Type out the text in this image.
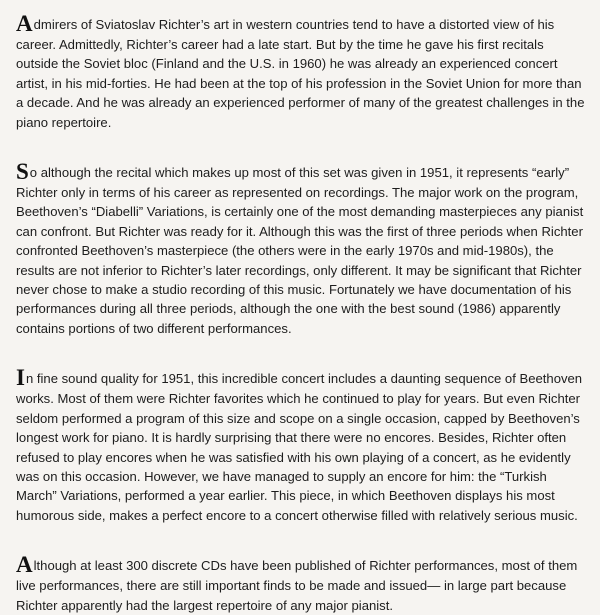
Admirers of Sviatoslav Richter’s art in western countries tend to have a distorted view of his career. Admittedly, Richter’s career had a late start. But by the time he gave his first recitals outside the Soviet bloc (Finland and the U.S. in 1960) he was already an experienced concert artist, in his mid-forties. He had been at the top of his profession in the Soviet Union for more than a decade. And he was already an experienced performer of many of the greatest challenges in the piano repertoire.

So although the recital which makes up most of this set was given in 1951, it represents “early” Richter only in terms of his career as represented on recordings. The major work on the program, Beethoven’s “Diabelli” Variations, is certainly one of the most demanding masterpieces any pianist can confront. But Richter was ready for it. Although this was the first of three periods when Richter confronted Beethoven’s masterpiece (the others were in the early 1970s and mid-1980s), the results are not inferior to Richter’s later recordings, only different. It may be significant that Richter never chose to make a studio recording of this music. Fortunately we have documentation of his performances during all three periods, although the one with the best sound (1986) apparently contains portions of two different performances.

In fine sound quality for 1951, this incredible concert includes a daunting sequence of Beethoven works. Most of them were Richter favorites which he continued to play for years. But even Richter seldom performed a program of this size and scope on a single occasion, capped by Beethoven’s longest work for piano. It is hardly surprising that there were no encores. Besides, Richter often refused to play encores when he was satisfied with his own playing of a concert, as he evidently was on this occasion. However, we have managed to supply an encore for him: the “Turkish March” Variations, performed a year earlier. This piece, in which Beethoven displays his most humorous side, makes a perfect encore to a concert otherwise filled with relatively serious music.

Although at least 300 discrete CDs have been published of Richter performances, most of them live performances, there are still important finds to be made and issued— in large part because Richter apparently had the largest repertoire of any major pianist.
